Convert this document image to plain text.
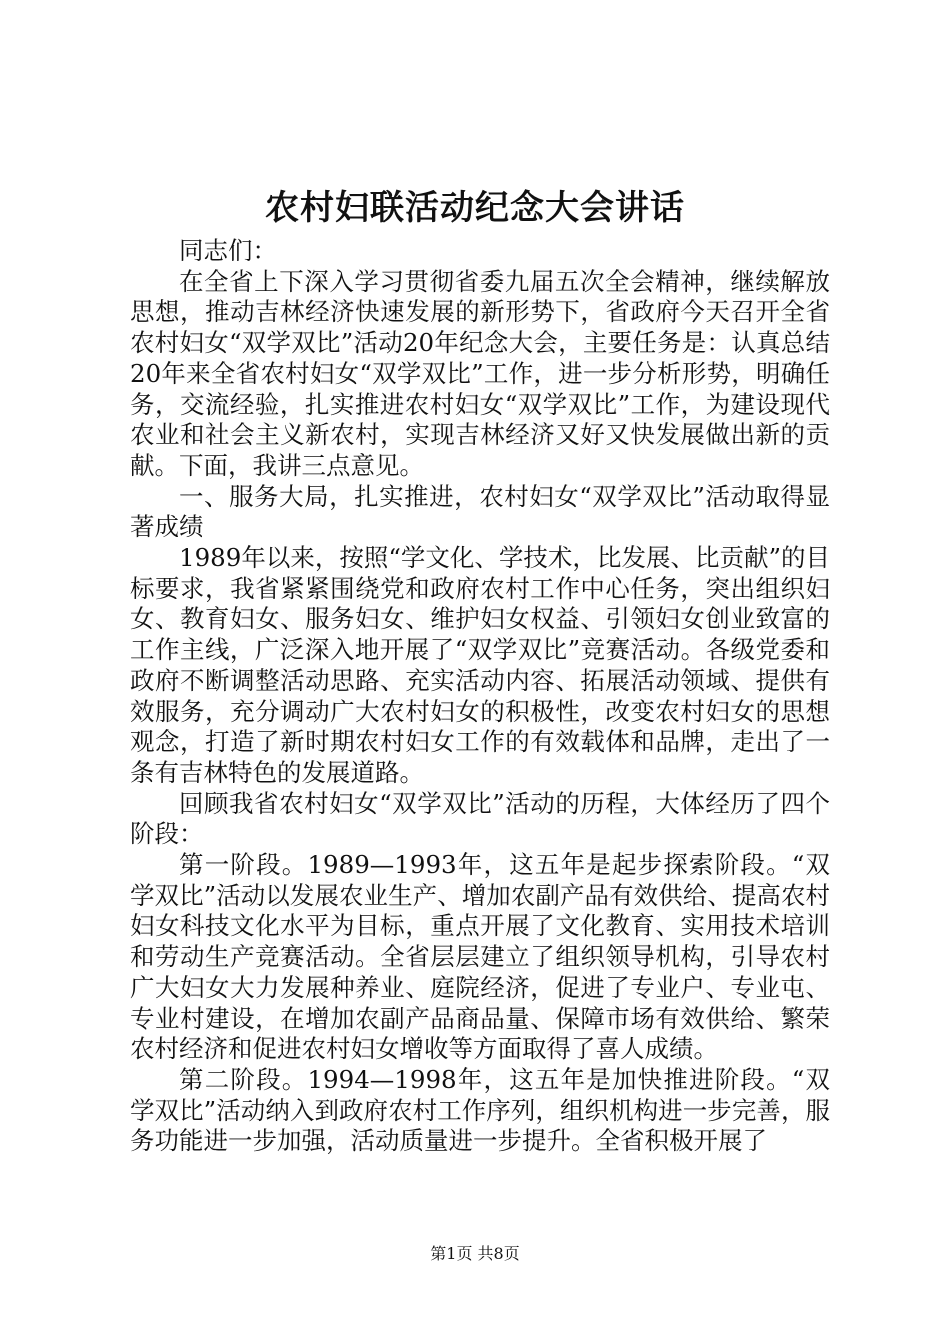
农村妇联活动纪念大会讲话

同志们：

在全省上下深入学习贯彻省委九届五次全会精神，继续解放思想，推动吉林经济快速发展的新形势下，省政府今天召开全省农村妇女“双学双比”活动20年纪念大会，主要任务是：认真总结20年来全省农村妇女“双学双比”工作，进一步分析形势，明确任务，交流经验，扎实推进农村妇女“双学双比”工作，为建设现代农业和社会主义新农村，实现吉林经济又好又快发展做出新的贡献。下面，我讲三点意见。

一、服务大局，扎实推进，农村妇女“双学双比”活动取得显著成绩

1989年以来，按照“学文化、学技术，比发展、比贡献”的目标要求，我省紧紧围绕党和政府农村工作中心任务，突出组织妇女、教育妇女、服务妇女、维护妇女权益、引领妇女创业致富的工作主线，广泛深入地开展了“双学双比”竞赛活动。各级党委和政府不断调整活动思路、充实活动内容、拓展活动领域、提供有效服务，充分调动广大农村妇女的积极性，改变农村妇女的思想观念，打造了新时期农村妇女工作的有效载体和品牌，走出了一条有吉林特色的发展道路。

回顾我省农村妇女“双学双比”活动的历程，大体经历了四个阶段：

第一阶段。1989—1993年，这五年是起步探索阶段。“双学双比”活动以发展农业生产、增加农副产品有效供给、提高农村妇女科技文化水平为目标，重点开展了文化教育、实用技术培训和劳动生产竞赛活动。全省层层建立了组织领导机构，引导农村广大妇女大力发展种养业、庭院经济，促进了专业户、专业屯、专业村建设，在增加农副产品商品量、保障市场有效供给、繁荣农村经济和促进农村妇女增收等方面取得了喜人成绩。

第二阶段。1994—1998年，这五年是加快推进阶段。“双学双比”活动纳入到政府农村工作序列，组织机构进一步完善，服务功能进一步加强，活动质量进一步提升。全省积极开展了

第1页 共8页
